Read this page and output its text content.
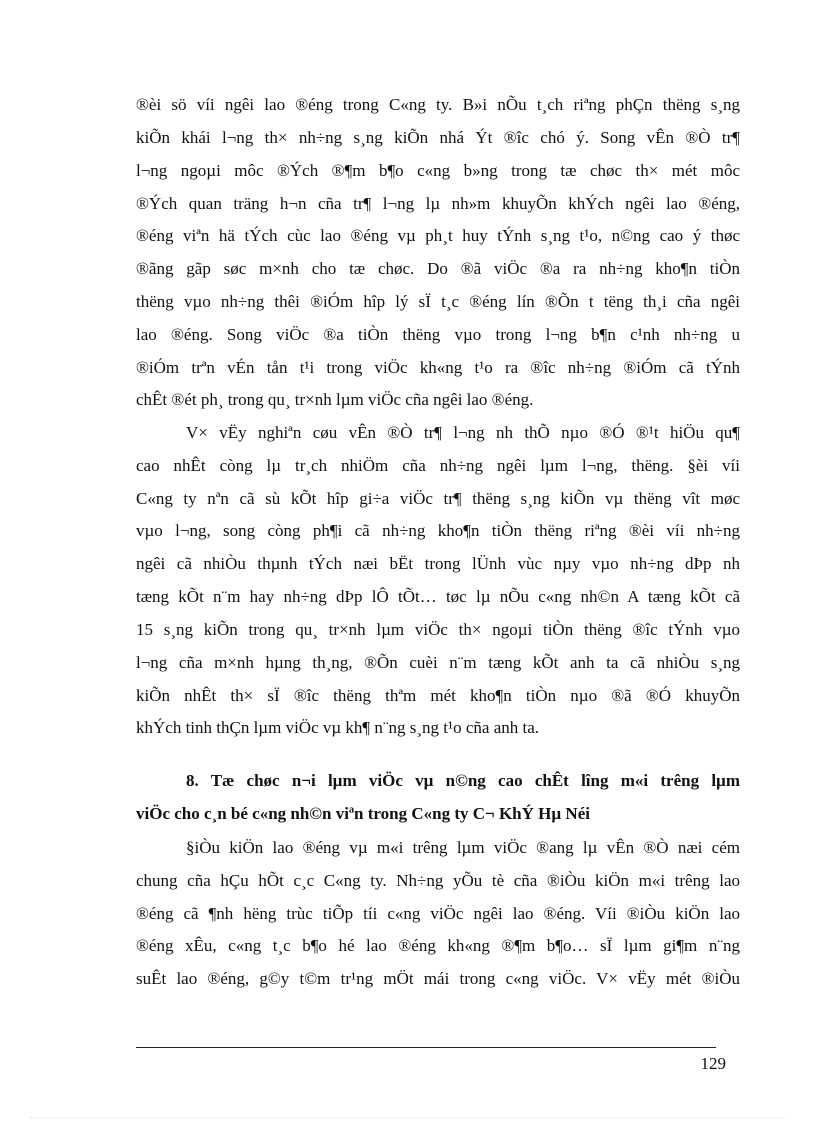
®èi sö víi ngêi lao ®éng trong C«ng ty. B»i nÕu t¸ch riªng phÇn thëng s¸ng
kiÕn khái l¬ng th× nh÷ng s¸ng kiÕn nhá Ýt ®îc chó ý. Song vÊn ®Ò tr¶
l¬ng ngoµi môc ®Ých ®¶m b¶o c«ng b»ng trong tæ chøc th× mét môc
®Ých quan träng h¬n cña tr¶ l¬ng lµ nh»m khuyÕn khÝch ngêi lao ®éng,
®éng viªn hä tÝch cùc lao ®éng vµ ph¸t huy tÝnh s¸ng t¹o, n©ng cao ý thøc
®ãng gãp søc m×nh cho tæ chøc. Do ®ã viÖc ®a ra nh÷ng kho¶n tiÒn
thëng vµo nh÷ng thêi ®iÓm hîp lý sÏ t¸c ®éng lín ®Õn t tëng th¸i cña ngêi
lao ®éng. Song viÖc ®a tiÒn thëng vµo trong l¬ng b¶n c¹nh nh÷ng u
®iÓm trªn vÉn tån t¹i trong viÖc kh«ng t¹o ra ®îc nh÷ng ®iÓm cã tÝnh
chÊt ®ét ph¸ trong qu¸ tr×nh lµm viÖc cña ngêi lao ®éng.
V× vËy nghiªn cøu vÊn ®Ò tr¶ l¬ng nh thÕ nµo ®Ó ®¹t hiÖu qu¶
cao nhÊt còng lµ tr¸ch nhiÖm cña nh÷ng ngêi lµm l¬ng, thëng. §èi víi
C«ng ty nªn cã sù kÕt hîp gi÷a viÖc tr¶ thëng s¸ng kiÕn vµ thëng vît møc
vµo l¬ng, song còng ph¶i cã nh÷ng kho¶n tiÒn thëng riªng ®èi víi nh÷ng
ngêi cã nhiÒu thµnh tÝch næi bËt trong lÜnh vùc nµy vµo nh÷ng dÞp nh
tæng kÕt n¨m hay nh÷ng dÞp lÔ tÕt… tøc lµ nÕu c«ng nh©n A tæng kÕt cã
15 s¸ng kiÕn trong qu¸ tr×nh lµm viÖc th× ngoµi tiÒn thëng ®îc tÝnh vµo
l¬ng cña m×nh hµng th¸ng, ®Õn cuèi n¨m tæng kÕt anh ta cã nhiÒu s¸ng
kiÕn nhÊt th× sÏ ®îc thëng thªm mét kho¶n tiÒn nµo ®ã ®Ó khuyÕn
khÝch tinh thÇn lµm viÖc vµ kh¶ n¨ng s¸ng t¹o cña anh ta.
8. Tæ chøc n¬i lµm viÖc vµ n©ng cao chÊt lîng m«i trêng lµm
viÖc cho c¸n bé c«ng nh©n viªn trong C«ng ty C¬ KhÝ Hµ Néi
§iÒu kiÖn lao ®éng vµ m«i trêng lµm viÖc ®ang lµ vÊn ®Ò næi cém
chung cña hÇu hÕt c¸c C«ng ty. Nh÷ng yÕu tè cña ®iÒu kiÖn m«i trêng lao
®éng cã ¶nh hëng trùc tiÕp tíi c«ng viÖc ngêi lao ®éng. Víi ®iÒu kiÖn lao
®éng xÊu, c«ng t¸c b¶o hé lao ®éng kh«ng ®¶m b¶o… sÏ lµm gi¶m n¨ng
suÊt lao ®éng, g©y t©m tr¹ng mÖt mái trong c«ng viÖc. V× vËy mét ®iÒu
129
